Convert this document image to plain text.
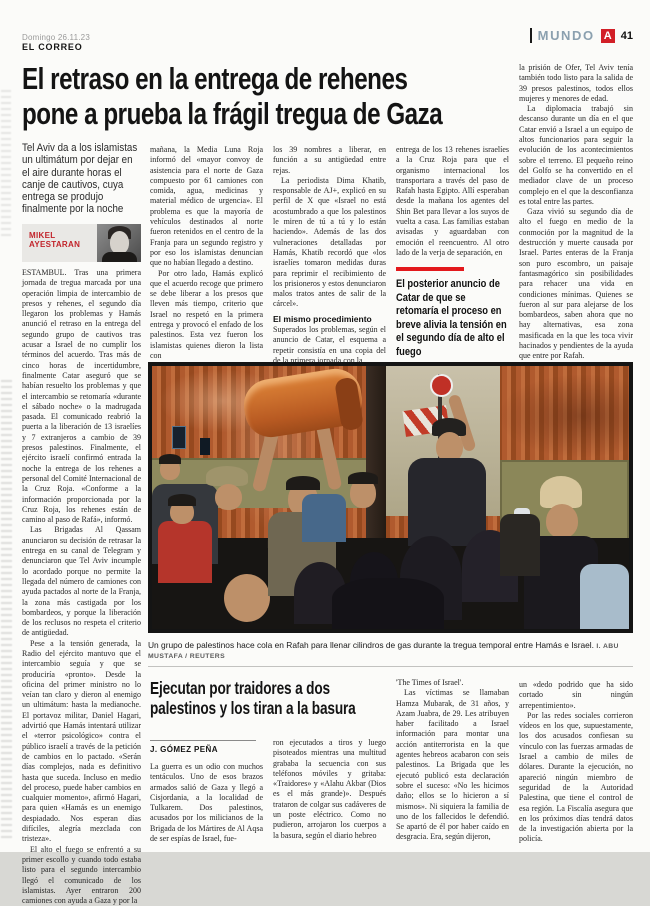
Domingo 26.11.23
EL CORREO
MUNDO A 41
El retraso en la entrega de rehenes
pone a prueba la frágil tregua de Gaza
Tel Aviv da a los islamistas un ultimátum por dejar en el aire durante horas el canje de cautivos, cuya entrega se produjo finalmente por la noche
MIKEL AYESTARAN

ESTAMBUL. Tras una primera jornada de tregua marcada por una operación limpia de intercambio de presos y rehenes, el segundo día llegaron los problemas y Hamás anunció el retraso en la entrega del segundo grupo de cautivos tras acusar a Israel de no cumplir los términos del acuerdo. Tras más de cinco horas de incertidumbre, finalmente Catar aseguró que se habían resuelto los problemas y que el intercambio se retomaría «durante el sábado noche» o la madrugada pasada. El comunicado reabrió la puerta a la liberación de 13 israelíes y 7 extranjeros a cambio de 39 presos palestinos. Finalmente, el ejército israelí confirmó entrada la noche la entrega de los rehenes a personal del Comité Internacional de la Cruz Roja. «Conforme a la información proporcionada por la Cruz Roja, los rehenes están de camino al paso de Rafá», informó.

Las Brigadas Al Qassam anunciaron su decisión de retrasar la entrega en su canal de Telegram y denunciaron que Tel Aviv incumple lo acordado porque no permite la llegada del número de camiones con ayuda pactados al norte de la Franja, la zona más castigada por los bombardeos, y porque la liberación de los reclusos no respeta el criterio de antigüedad.

Pese a la tensión generada, la Radio del ejército mantuvo que el intercambio seguía y que se produciría «pronto». Desde la oficina del primer ministro no lo veían tan claro y dieron al enemigo un ultimátum: hasta la medianoche. El portavoz militar, Daniel Hagari, advirtió que Hamás intentará utilizar el «terror psicológico» contra el público israelí a través de la petición de cambios en lo pactado. «Serán días complejos, nada es definitivo hasta que suceda. Incluso en medio del proceso, puede haber cambios en cualquier momento», afirmó Hagari, para quien «Hamás es un enemigo despiadado. Nos esperan días difíciles, alegría mezclada con tristeza».

El alto el fuego se enfrentó a su primer escollo y cuando todo estaba listo para el segundo intercambio llegó el comunicado de los islamistas. Ayer entraron 200 camiones con ayuda a Gaza y por la

mañana, la Media Luna Roja informó del «mayor convoy de asistencia para el norte de Gaza compuesto por 61 camiones con comida, agua, medicinas y material médico de urgencia». El problema es que la mayoría de vehículos destinados al norte fueron retenidos en el centro de la Franja para un segundo registro y por eso los islamistas denuncian que no habían llegado a destino.

Por otro lado, Hamás explicó que el acuerdo recoge que primero se debe liberar a los presos que lleven más tiempo, criterio que Israel no respetó en la primera entrega y provocó el enfado de los palestinos. Esta vez fueron los islamistas quienes dieron la lista con

los 39 nombres a liberar, en función a su antigüedad entre rejas.

La periodista Dima Khatib, responsable de AJ+, explicó en su perfil de X que «Israel no está acostumbrado a que los palestinos le miren de tú a tú y lo están haciendo». Además de las dos vulneraciones detalladas por Hamás, Khatib recordó que «los israelíes tomaron medidas duras para reprimir el recibimiento de los prisioneros y estos denunciaron malos tratos antes de salir de la cárcel».

El mismo procedimiento

Superados los problemas, según el anuncio de Catar, el esquema a repetir consistía en una copia del de la primera jornada con la

entrega de los 13 rehenes israelíes a la Cruz Roja para que el organismo internacional los transportara a través del paso de Rafah hasta Egipto. Allí esperaban desde la mañana los agentes del Shin Bet para llevar a los suyos de vuelta a casa. Las familias estaban avisadas y aguardaban con emoción el reencuentro. Al otro lado de la verja de separación, en

El posterior anuncio de Catar de que se retomaría el proceso en breve alivia la tensión en el segundo día de alto el fuego

la prisión de Ofer, Tel Aviv tenía también todo listo para la salida de 39 presos palestinos, todos ellos mujeres y menores de edad.

La diplomacia trabajó sin descanso durante un día en el que Catar envió a Israel a un equipo de altos funcionarios para seguir la evolución de los acontecimientos sobre el terreno. El pequeño reino del Golfo se ha convertido en el mediador clave de un proceso complejo en el que la desconfianza es total entre las partes.

Gaza vivió su segundo día de alto el fuego en medio de la conmoción por la magnitud de la destrucción y muerte causada por Israel. Partes enteras de la Franja son puro escombro, un paisaje fantasmagórico sin posibilidades para rehacer una vida en condiciones mínimas. Quienes se fueron al sur para alejarse de los bombardeos, saben ahora que no hay alternativas, esa zona masificada en la que les toca vivir hacinados y pendientes de la ayuda que entre por Rafah.

Un grupo de palestinos hace cola en Rafah para llenar cilindros de gas durante la tregua temporal entre Hamás e Israel. I. ABU MUSTAFA / REUTERS
Ejecutan por traidores a dos
palestinos y los tiran a la basura
J. GÓMEZ PEÑA

La guerra es un odio con muchos tentáculos. Uno de esos brazos armados salió de Gaza y llegó a Cisjordania, a la localidad de Tulkarem. Dos palestinos, acusados por los milicianos de la Brigada de los Mártires de Al Aqsa de ser espías de Israel, fue-

ron ejecutados a tiros y luego pisoteados mientras una multitud grababa la secuencia con sus teléfonos móviles y gritaba: «Traidores» y «Alahu Akbar (Dios es el más grande)». Después trataron de colgar sus cadáveres de un poste eléctrico. Como no pudieron, arrojaron los cuerpos a la basura, según el diario hebreo

'The Times of Israel'.

Las víctimas se llamaban Hamza Mubarak, de 31 años, y Azam Juabra, de 29. Les atribuyen haber facilitado a Israel información para montar una acción antiterrorista en la que agentes hebreos acabaron con seis palestinos. La Brigada que les ejecutó publicó esta declaración sobre el suceso: «No les hicimos daño; ellos se lo hicieron a sí mismos». Ni siquiera la familia de uno de los fallecidos le defendió. Se apartó de él por haber caído en desgracia. Era, según dijeron,

un «dedo podrido que ha sido cortado sin ningún arrepentimiento».

Por las redes sociales corrieron vídeos en los que, supuestamente, los dos acusados confiesan su vínculo con las fuerzas armadas de Israel a cambio de miles de dólares. Durante la ejecución, no apareció ningún miembro de seguridad de la Autoridad Palestina, que tiene el control de esa región. La Fiscalía asegura que en los próximos días tendrá datos de la investigación abierta por la policía.
